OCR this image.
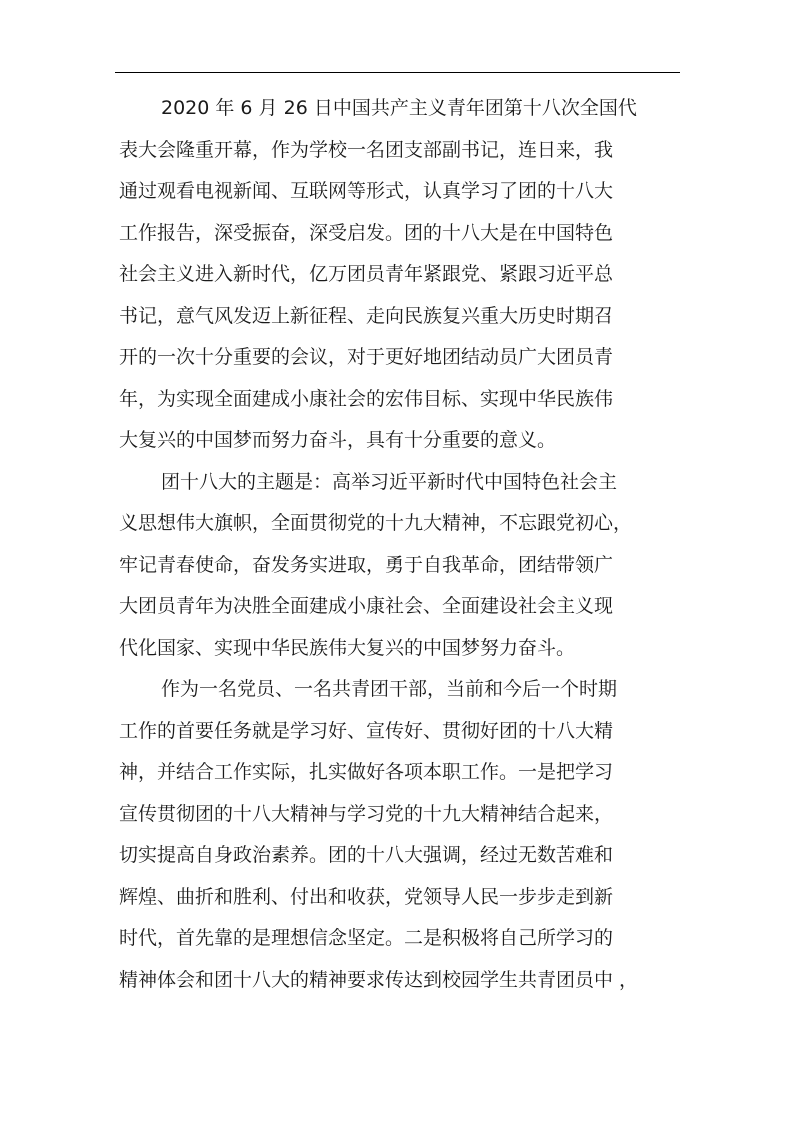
2020 年 6 月 26 日中国共产主义青年团第十八次全国代
表大会隆重开幕，作为学校一名团支部副书记，连日来，我
通过观看电视新闻、互联网等形式，认真学习了团的十八大
工作报告，深受振奋，深受启发。团的十八大是在中国特色
社会主义进入新时代，亿万团员青年紧跟党、紧跟习近平总
书记，意气风发迈上新征程、走向民族复兴重大历史时期召
开的一次十分重要的会议，对于更好地团结动员广大团员青
年，为实现全面建成小康社会的宏伟目标、实现中华民族伟
大复兴的中国梦而努力奋斗，具有十分重要的意义。
团十八大的主题是：高举习近平新时代中国特色社会主
义思想伟大旗帜，全面贯彻党的十九大精神，不忘跟党初心，
牢记青春使命，奋发务实进取，勇于自我革命，团结带领广
大团员青年为决胜全面建成小康社会、全面建设社会主义现
代化国家、实现中华民族伟大复兴的中国梦努力奋斗。
作为一名党员、一名共青团干部，当前和今后一个时期
工作的首要任务就是学习好、宣传好、贯彻好团的十八大精
神，并结合工作实际，扎实做好各项本职工作。一是把学习
宣传贯彻团的十八大精神与学习党的十九大精神结合起来，
切实提高自身政治素养。团的十八大强调，经过无数苦难和
辉煌、曲折和胜利、付出和收获，党领导人民一步步走到新
时代，首先靠的是理想信念坚定。二是积极将自己所学习的
精神体会和团十八大的精神要求传达到校园学生共青团员中 ，
